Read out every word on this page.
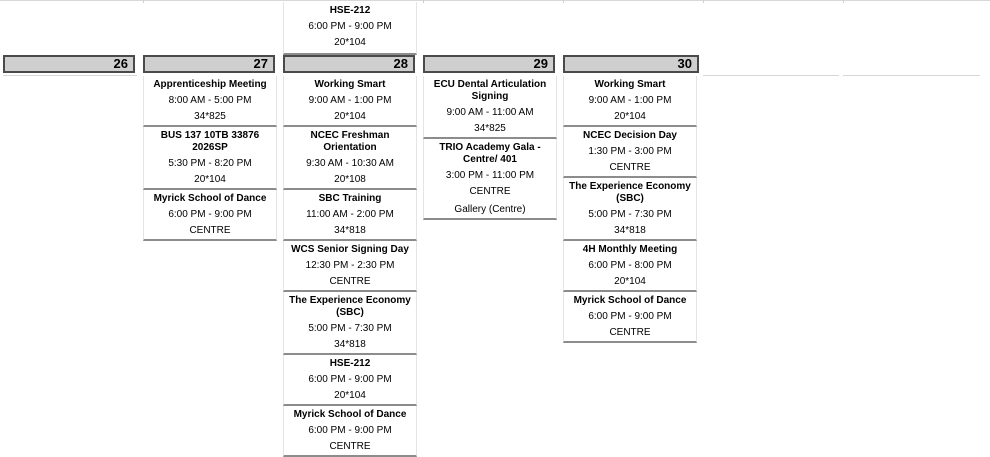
HSE-212
6:00 PM - 9:00 PM
20*104
26	27
Apprenticeship Meeting
8:00 AM - 5:00 PM
34*825
BUS 137 10TB 33876 2026SP
5:30 PM - 8:20 PM
20*104
Myrick School of Dance
6:00 PM - 9:00 PM
CENTRE
28
Working Smart
9:00 AM - 1:00 PM
20*104
NCEC Freshman Orientation
9:30 AM - 10:30 AM
20*108
SBC Training
11:00 AM - 2:00 PM
34*818
WCS Senior Signing Day
12:30 PM - 2:30 PM
CENTRE
The Experience Economy (SBC)
5:00 PM - 7:30 PM
34*818
HSE-212
6:00 PM - 9:00 PM
20*104
Myrick School of Dance
6:00 PM - 9:00 PM
CENTRE
29
ECU Dental Articulation Signing
9:00 AM - 11:00 AM
34*825
TRIO Academy Gala - Centre/ 401
3:00 PM - 11:00 PM
CENTRE
Gallery (Centre)
30
Working Smart
9:00 AM - 1:00 PM
20*104
NCEC Decision Day
1:30 PM - 3:00 PM
CENTRE
The Experience Economy (SBC)
5:00 PM - 7:30 PM
34*818
4H Monthly Meeting
6:00 PM - 8:00 PM
20*104
Myrick School of Dance
6:00 PM - 9:00 PM
CENTRE
